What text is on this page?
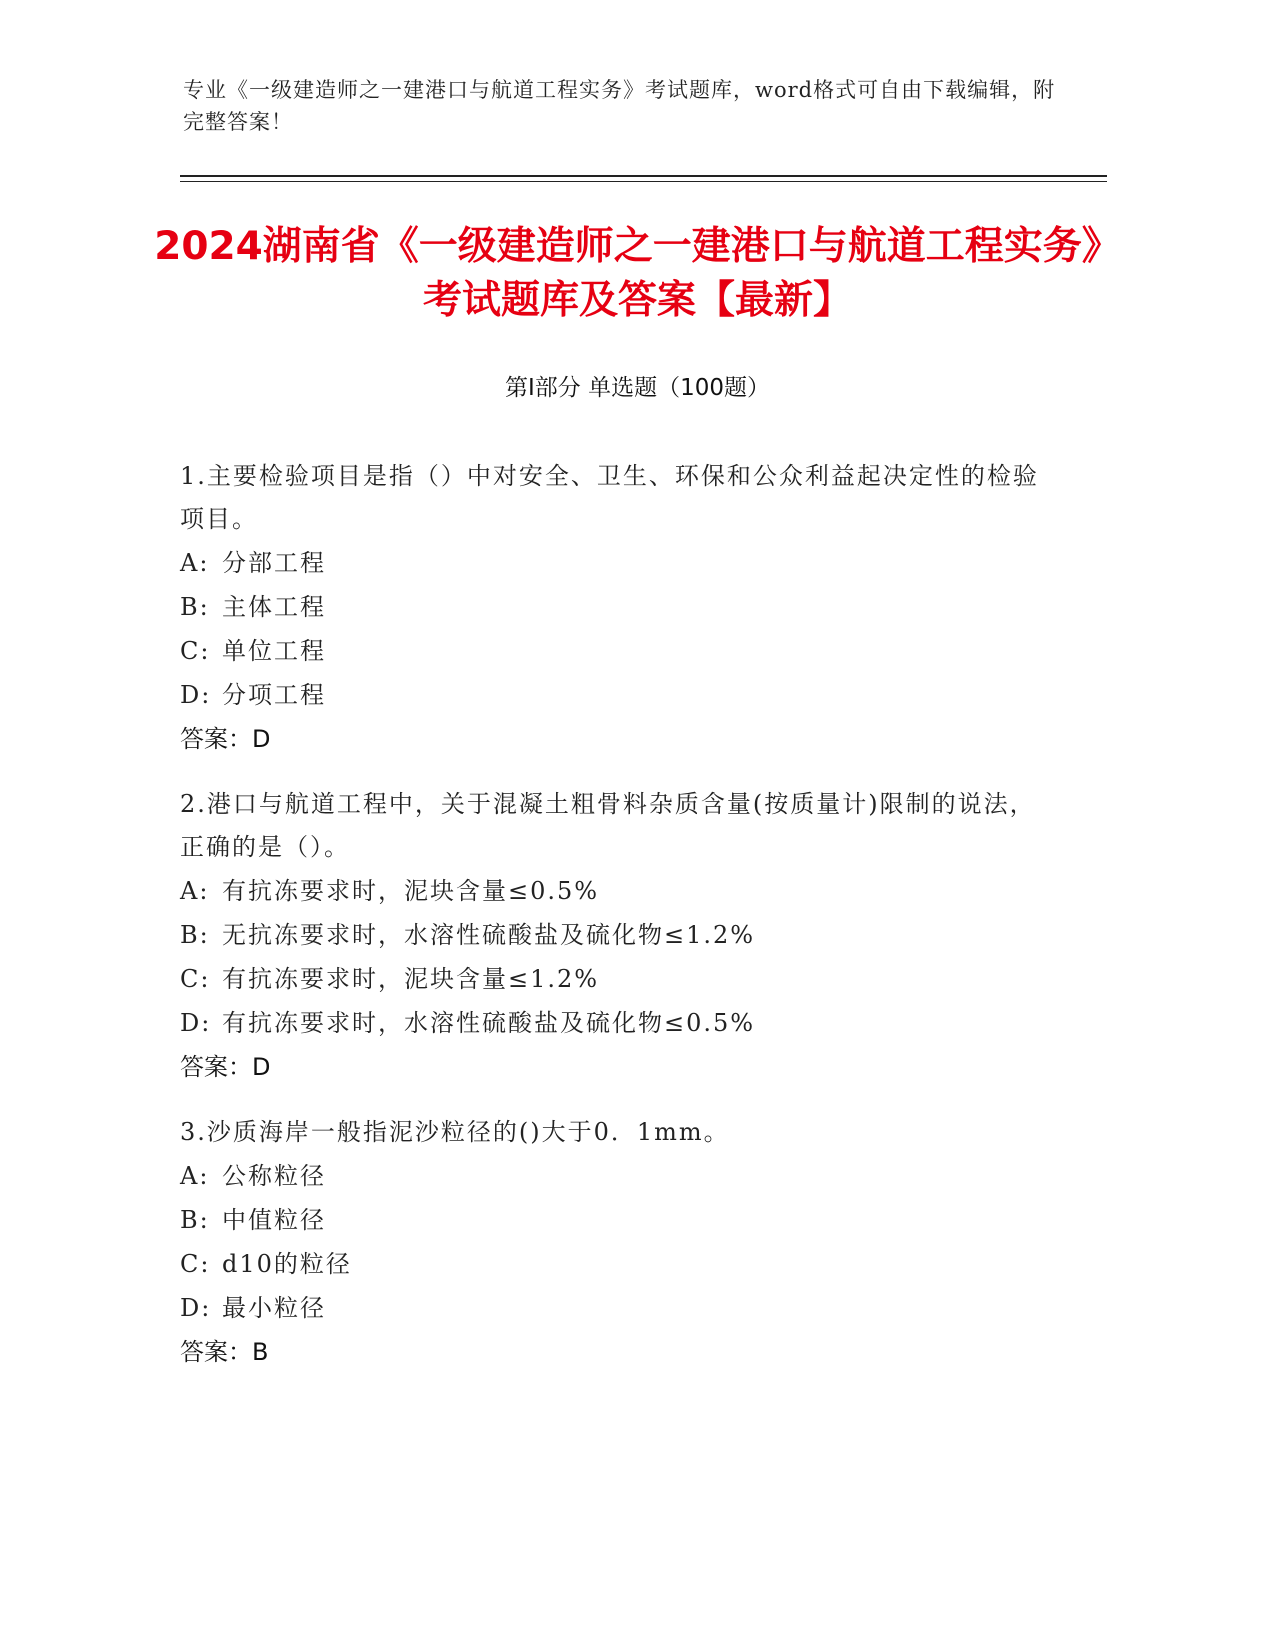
专业《一级建造师之一建港口与航道工程实务》考试题库，word格式可自由下载编辑，附完整答案！
2024湖南省《一级建造师之一建港口与航道工程实务》考试题库及答案【最新】
第Ⅰ部分 单选题（100题）
1.主要检验项目是指（）中对安全、卫生、环保和公众利益起决定性的检验项目。
A: 分部工程
B: 主体工程
C: 单位工程
D: 分项工程
答案：D
2.港口与航道工程中，关于混凝土粗骨料杂质含量(按质量计)限制的说法，正确的是（）。
A: 有抗冻要求时，泥块含量≤0.5%
B: 无抗冻要求时，水溶性硫酸盐及硫化物≤1.2%
C: 有抗冻要求时，泥块含量≤1.2%
D: 有抗冻要求时，水溶性硫酸盐及硫化物≤0.5%
答案：D
3.沙质海岸一般指泥沙粒径的()大于0．1mm。
A: 公称粒径
B: 中值粒径
C: d10的粒径
D: 最小粒径
答案：B
